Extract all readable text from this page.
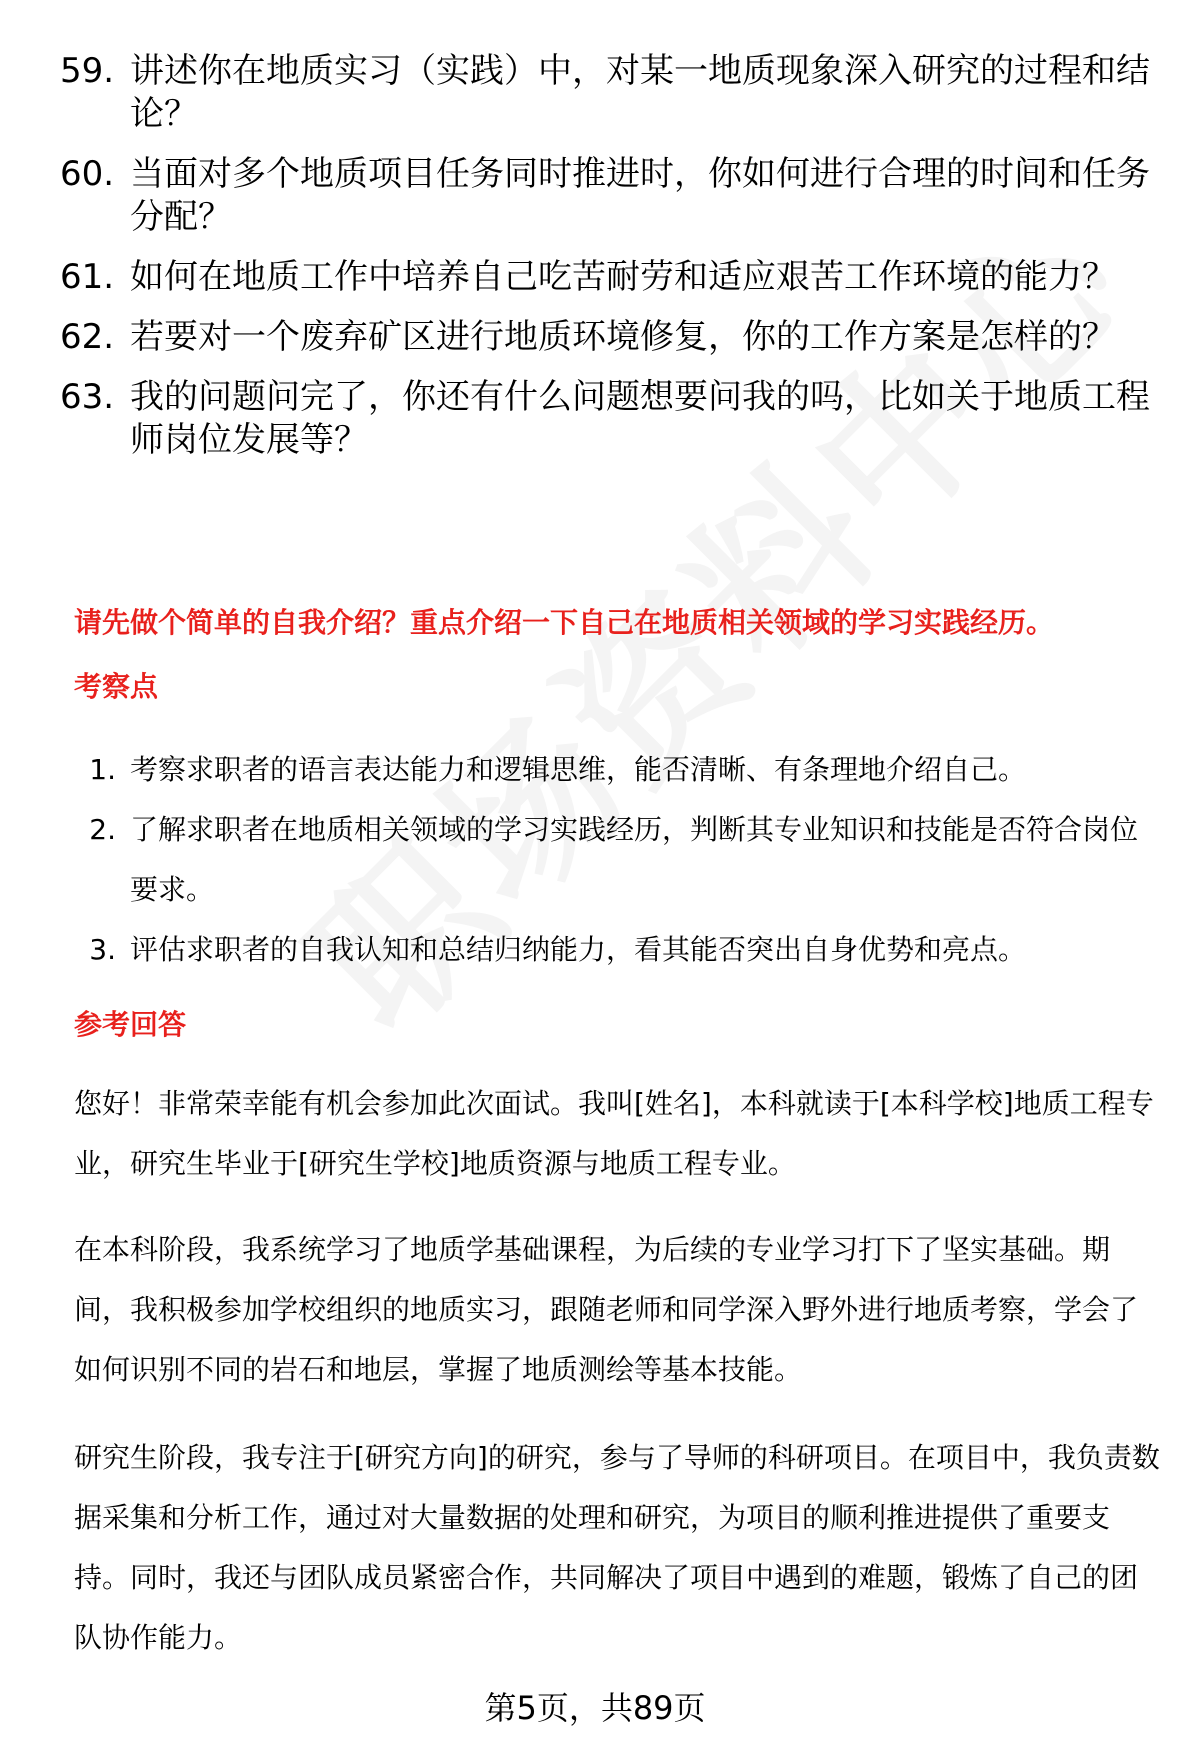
59. 讲述你在地质实习（实践）中，对某一地质现象深入研究的过程和结论？
60. 当面对多个地质项目任务同时推进时，你如何进行合理的时间和任务分配？
61. 如何在地质工作中培养自己吃苦耐劳和适应艰苦工作环境的能力？
62. 若要对一个废弃矿区进行地质环境修复，你的工作方案是怎样的？
63. 我的问题问完了，你还有什么问题想要问我的吗，比如关于地质工程师岗位发展等？
请先做个简单的自我介绍？重点介绍一下自己在地质相关领域的学习实践经历。
考察点
1. 考察求职者的语言表达能力和逻辑思维，能否清晰、有条理地介绍自己。
2. 了解求职者在地质相关领域的学习实践经历，判断其专业知识和技能是否符合岗位要求。
3. 评估求职者的自我认知和总结归纳能力，看其能否突出自身优势和亮点。
参考回答
您好！非常荣幸能有机会参加此次面试。我叫[姓名]，本科就读于[本科学校]地质工程专业，研究生毕业于[研究生学校]地质资源与地质工程专业。
在本科阶段，我系统学习了地质学基础课程，为后续的专业学习打下了坚实基础。期间，我积极参加学校组织的地质实习，跟随老师和同学深入野外进行地质考察，学会了如何识别不同的岩石和地层，掌握了地质测绘等基本技能。
研究生阶段，我专注于[研究方向]的研究，参与了导师的科研项目。在项目中，我负责数据采集和分析工作，通过对大量数据的处理和研究，为项目的顺利推进提供了重要支持。同时，我还与团队成员紧密合作，共同解决了项目中遇到的难题，锻炼了自己的团队协作能力。
第5页，共89页
